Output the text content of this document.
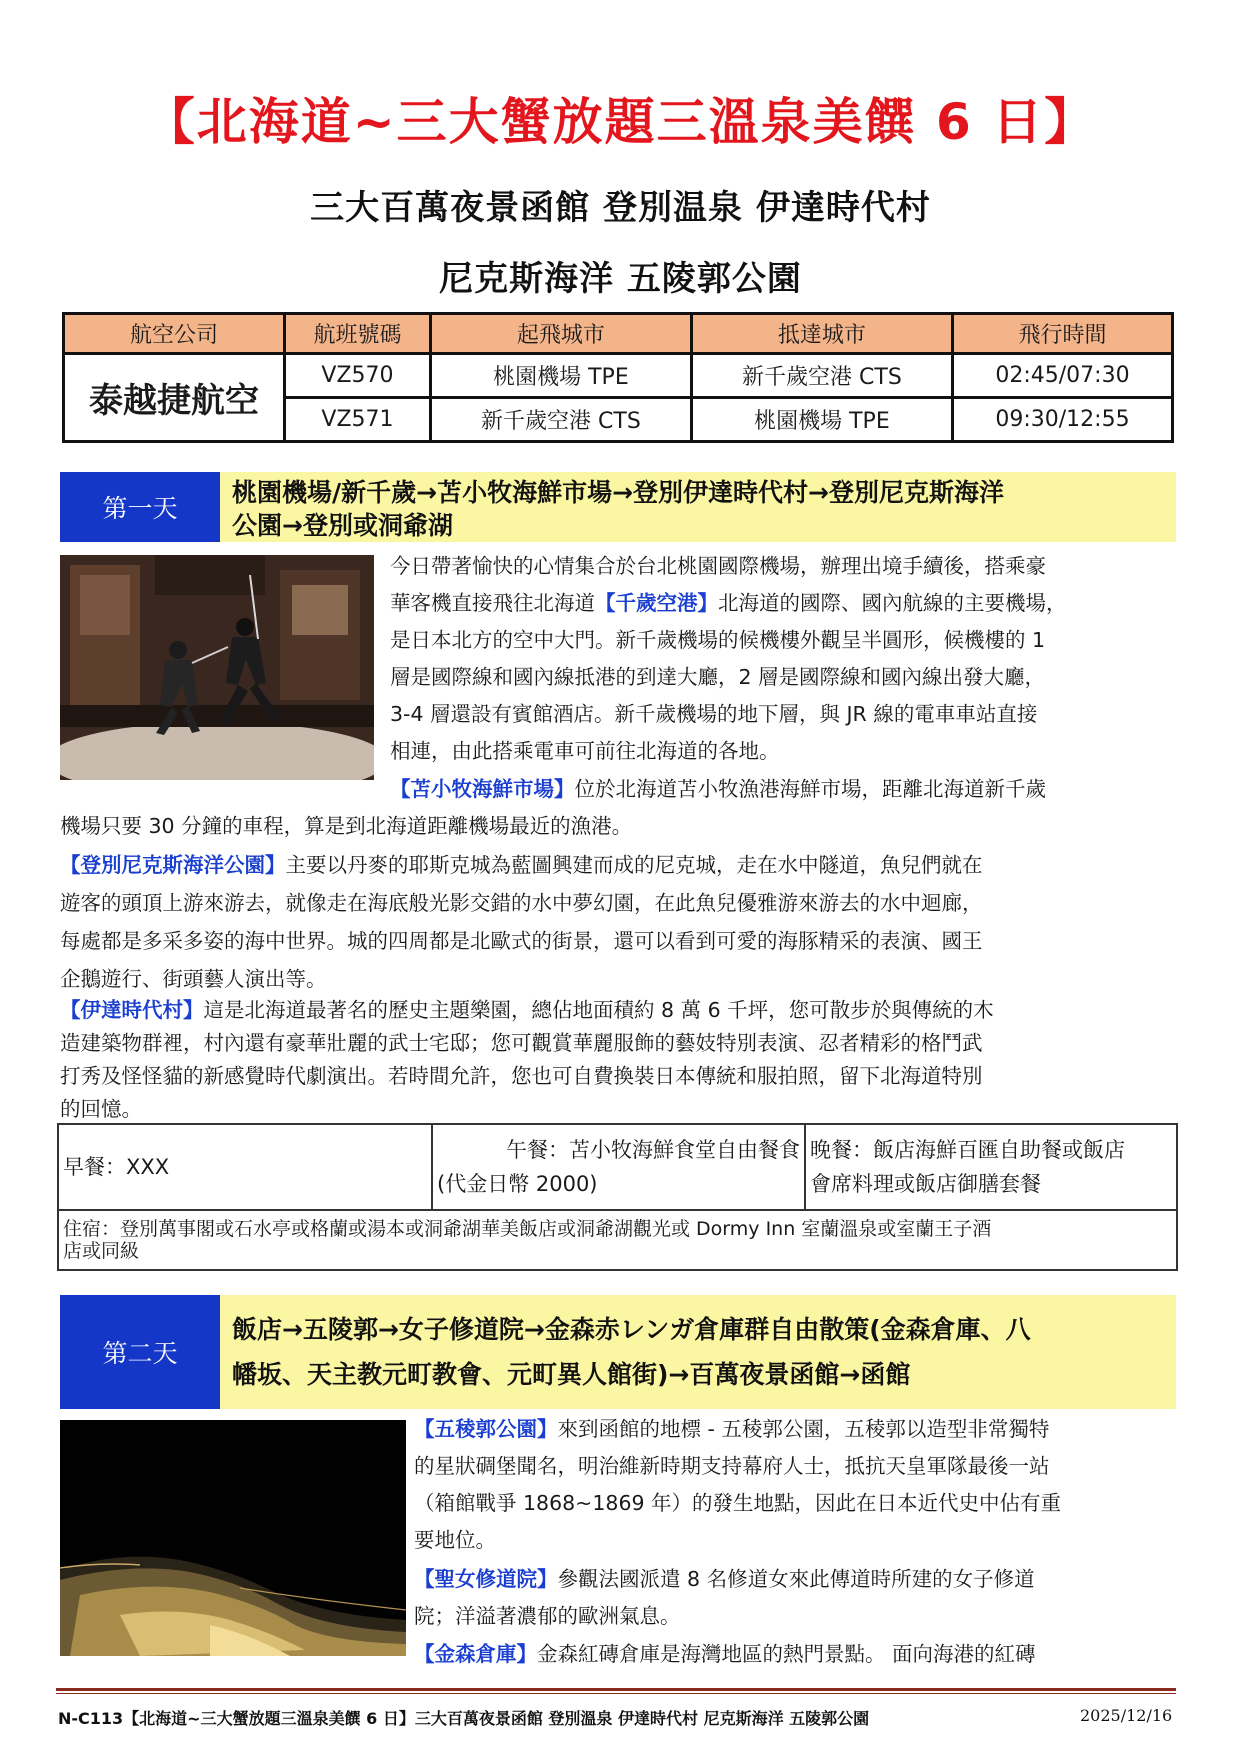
【北海道~三大蟹放題三溫泉美饌 6 日】
三大百萬夜景函館 登別温泉 伊達時代村
尼克斯海洋 五陵郭公園
航空公司	航班號碼	起飛城市	抵達城市	飛行時間
泰越捷航空	VZ570	桃園機場 TPE	新千歲空港 CTS	02:45/07:30
	VZ571	新千歲空港 CTS	桃園機場 TPE	09:30/12:55
第一天
桃園機場/新千歲→苫小牧海鮮市場→登別伊達時代村→登別尼克斯海洋
公園→登別或洞爺湖
今日帶著愉快的心情集合於台北桃園國際機場，辦理出境手續後，搭乘豪
華客機直接飛往北海道【千歲空港】北海道的國際、國內航線的主要機場，
是日本北方的空中大門。新千歲機場的候機樓外觀呈半圓形，候機樓的 1
層是國際線和國內線抵港的到達大廳，2 層是國際線和國內線出發大廳，
3-4 層還設有賓館酒店。新千歲機場的地下層，與 JR 線的電車車站直接
相連，由此搭乘電車可前往北海道的各地。
【苫小牧海鮮市場】位於北海道苫小牧漁港海鮮市場，距離北海道新千歲
機場只要 30 分鐘的車程，算是到北海道距離機場最近的漁港。
【登別尼克斯海洋公園】主要以丹麥的耶斯克城為藍圖興建而成的尼克城，走在水中隧道，魚兒們就在
遊客的頭頂上游來游去，就像走在海底般光影交錯的水中夢幻園，在此魚兒優雅游來游去的水中迴廊，
每處都是多采多姿的海中世界。城的四周都是北歐式的街景，還可以看到可愛的海豚精采的表演、國王
企鵝遊行、街頭藝人演出等。
【伊達時代村】這是北海道最著名的歷史主題樂園，總佔地面積約 8 萬 6 千坪，您可散步於與傳統的木
造建築物群裡，村內還有豪華壯麗的武士宅邸；您可觀賞華麗服飾的藝妓特別表演、忍者精彩的格鬥武
打秀及怪怪貓的新感覺時代劇演出。若時間允許，您也可自費換裝日本傳統和服拍照，留下北海道特別
的回憶。
早餐：XXX	
午餐：苫小牧海鮮食堂自由餐食
(代金日幣 2000)

晚餐：飯店海鮮百匯自助餐或飯店
會席料理或飯店御膳套餐

住宿：登別萬事閣或石水亭或格蘭或湯本或洞爺湖華美飯店或洞爺湖觀光或 Dormy Inn 室蘭溫泉或室蘭王子酒
店或同級
第二天
飯店→五陵郭→女子修道院→金森赤レンガ倉庫群自由散策(金森倉庫、八
幡坂、天主教元町教會、元町異人館街)→百萬夜景函館→函館
【五稜郭公園】來到函館的地標 - 五稜郭公園，五稜郭以造型非常獨特
的星狀碉堡聞名，明治維新時期支持幕府人士，抵抗天皇軍隊最後一站
（箱館戰爭 1868~1869 年）的發生地點，因此在日本近代史中佔有重
要地位。
【聖女修道院】參觀法國派遣 8 名修道女來此傳道時所建的女子修道
院；洋溢著濃郁的歐洲氣息。
【金森倉庫】金森紅磚倉庫是海灣地區的熱門景點。 面向海港的紅磚
N-C113【北海道~三大蟹放題三溫泉美饌 6 日】三大百萬夜景函館 登別溫泉 伊達時代村 尼克斯海洋 五陵郭公園	2025/12/16
